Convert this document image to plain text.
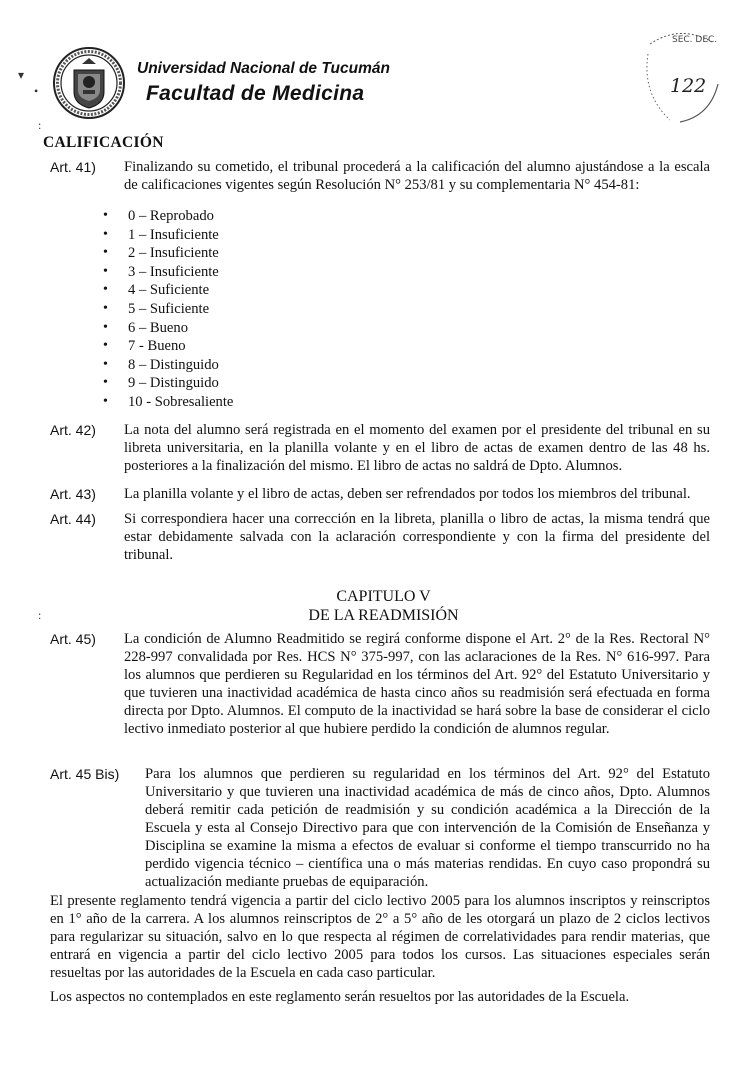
Universidad Nacional de Tucumán
Facultad de Medicina
SEC. DEC.
122
▾
•
:
:
CALIFICACIÓN
Art. 41) Finalizando su cometido, el tribunal procederá a la calificación del alumno ajustándose a la escala de calificaciones vigentes según Resolución N° 253/81 y su complementaria N° 454-81:
• 0 – Reprobado
• 1 – Insuficiente
• 2 – Insuficiente
• 3 – Insuficiente
• 4 – Suficiente
• 5 – Suficiente
• 6 – Bueno
• 7 - Bueno
• 8 – Distinguido
• 9 – Distinguido
• 10 - Sobresaliente
Art. 42) La nota del alumno será registrada en el momento del examen por el presidente del tribunal en su libreta universitaria, en la planilla volante y en el libro de actas de examen dentro de las 48 hs. posteriores a la finalización del mismo. El libro de actas no saldrá de Dpto. Alumnos.
Art. 43) La planilla volante y el libro de actas, deben ser refrendados por todos los miembros del tribunal.
Art. 44) Si correspondiera hacer una corrección en la libreta, planilla o libro de actas, la misma tendrá que estar debidamente salvada con la aclaración correspondiente y con la firma del presidente del tribunal.
CAPITULO V
DE LA READMISIÓN
Art. 45) La condición de Alumno Readmitido se regirá conforme dispone el Art. 2° de la Res. Rectoral N° 228-997 convalidada por Res. HCS N° 375-997, con las aclaraciones de la Res. N° 616-997. Para los alumnos que perdieren su Regularidad en los términos del Art. 92° del Estatuto Universitario y que tuvieren una inactividad académica de hasta cinco años su readmisión será efectuada en forma directa por Dpto. Alumnos. El computo de la inactividad se hará sobre la base de considerar el ciclo lectivo inmediato posterior al que hubiere perdido la condición de alumnos regular.
Art. 45 Bis) Para los alumnos que perdieren su regularidad en los términos del Art. 92° del Estatuto Universitario y que tuvieren una inactividad académica de más de cinco años, Dpto. Alumnos deberá remitir cada petición de readmisión y su condición académica a la Dirección de la Escuela y esta al Consejo Directivo para que con intervención de la Comisión de Enseñanza y Disciplina se examine la misma a efectos de evaluar si conforme el tiempo transcurrido no ha perdido vigencia técnico – científica una o más materias rendidas. En cuyo caso propondrá su actualización mediante pruebas de equiparación.
El presente reglamento tendrá vigencia a partir del ciclo lectivo 2005 para los alumnos inscriptos y reinscriptos en 1° año de la carrera. A los alumnos reinscriptos de 2° a 5° año de les otorgará un plazo de 2 ciclos lectivos para regularizar su situación, salvo en lo que respecta al régimen de correlatividades para rendir materias, que entrará en vigencia a partir del ciclo lectivo 2005 para todos los cursos. Las situaciones especiales serán resueltas por las autoridades de la Escuela en cada caso particular.
Los aspectos no contemplados en este reglamento serán resueltos por las autoridades de la Escuela.
